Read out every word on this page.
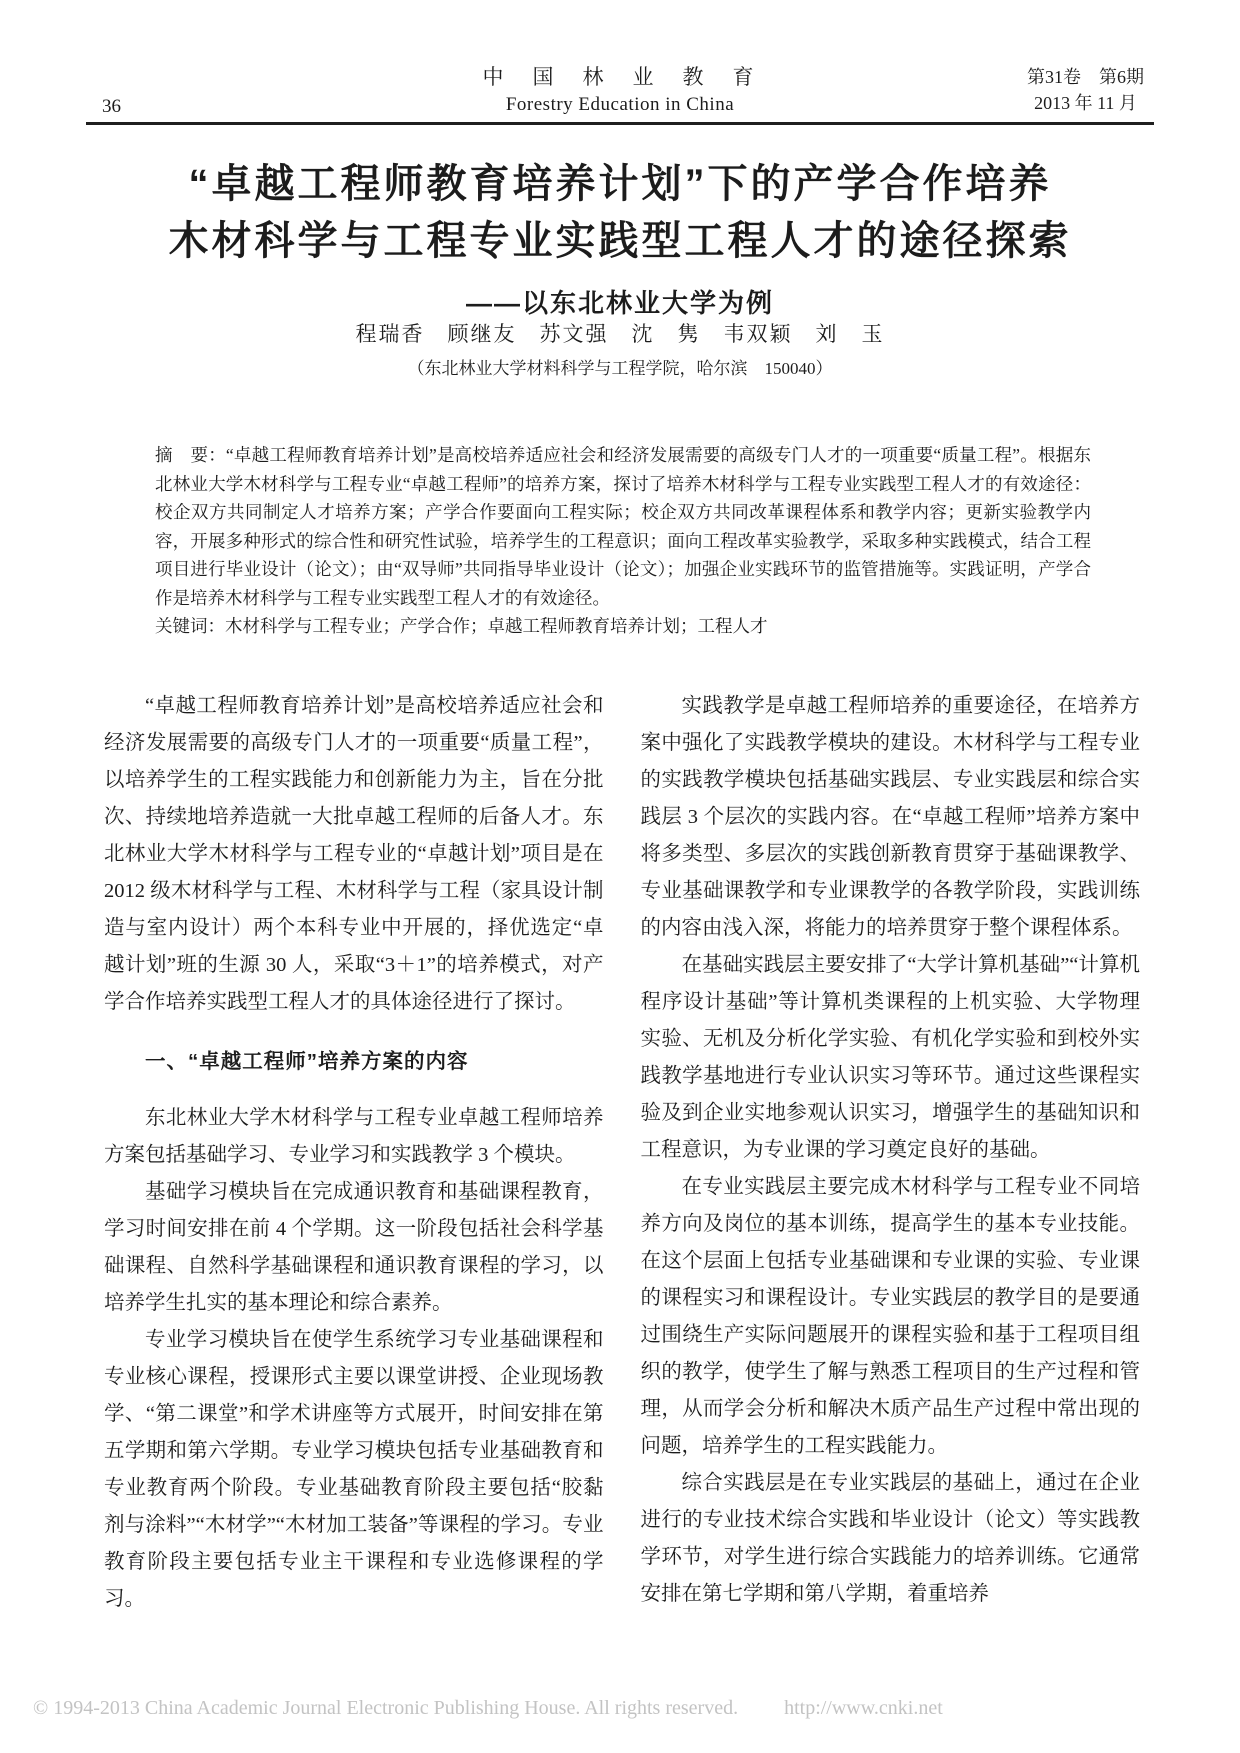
36
中　国　林　业　教　育
Forestry Education in China
第31卷　第6期
2013 年 11 月
“卓越工程师教育培养计划”下的产学合作培养
木材科学与工程专业实践型工程人才的途径探索
——以东北林业大学为例
程瑞香　顾继友　苏文强　沈　隽　韦双颖　刘　玉
（东北林业大学材料科学与工程学院，哈尔滨　150040）

摘　要：“卓越工程师教育培养计划”是高校培养适应社会和经济发展需要的高级专门人才的一项重要“质量工程”。根据东北林业大学木材科学与工程专业“卓越工程师”的培养方案，探讨了培养木材科学与工程专业实践型工程人才的有效途径：校企双方共同制定人才培养方案；产学合作要面向工程实际；校企双方共同改革课程体系和教学内容；更新实验教学内容，开展多种形式的综合性和研究性试验，培养学生的工程意识；面向工程改革实验教学，采取多种实践模式，结合工程项目进行毕业设计（论文）；由“双导师”共同指导毕业设计（论文）；加强企业实践环节的监管措施等。实践证明，产学合作是培养木材科学与工程专业实践型工程人才的有效途径。

关键词：木材科学与工程专业；产学合作；卓越工程师教育培养计划；工程人才

“卓越工程师教育培养计划”是高校培养适应社会和经济发展需要的高级专门人才的一项重要“质量工程”，以培养学生的工程实践能力和创新能力为主，旨在分批次、持续地培养造就一大批卓越工程师的后备人才。东北林业大学木材科学与工程专业的“卓越计划”项目是在 2012 级木材科学与工程、木材科学与工程（家具设计制造与室内设计）两个本科专业中开展的，择优选定“卓越计划”班的生源 30 人，采取“3＋1”的培养模式，对产学合作培养实践型工程人才的具体途径进行了探讨。

一、“卓越工程师”培养方案的内容

东北林业大学木材科学与工程专业卓越工程师培养方案包括基础学习、专业学习和实践教学 3 个模块。

基础学习模块旨在完成通识教育和基础课程教育，学习时间安排在前 4 个学期。这一阶段包括社会科学基础课程、自然科学基础课程和通识教育课程的学习，以培养学生扎实的基本理论和综合素养。

专业学习模块旨在使学生系统学习专业基础课程和专业核心课程，授课形式主要以课堂讲授、企业现场教学、“第二课堂”和学术讲座等方式展开，时间安排在第五学期和第六学期。专业学习模块包括专业基础教育和专业教育两个阶段。专业基础教育阶段主要包括“胶黏剂与涂料”“木材学”“木材加工装备”等课程的学习。专业教育阶段主要包括专业主干课程和专业选修课程的学习。

实践教学是卓越工程师培养的重要途径，在培养方案中强化了实践教学模块的建设。木材科学与工程专业的实践教学模块包括基础实践层、专业实践层和综合实践层 3 个层次的实践内容。在“卓越工程师”培养方案中将多类型、多层次的实践创新教育贯穿于基础课教学、专业基础课教学和专业课教学的各教学阶段，实践训练的内容由浅入深，将能力的培养贯穿于整个课程体系。

在基础实践层主要安排了“大学计算机基础”“计算机程序设计基础”等计算机类课程的上机实验、大学物理实验、无机及分析化学实验、有机化学实验和到校外实践教学基地进行专业认识实习等环节。通过这些课程实验及到企业实地参观认识实习，增强学生的基础知识和工程意识，为专业课的学习奠定良好的基础。

在专业实践层主要完成木材科学与工程专业不同培养方向及岗位的基本训练，提高学生的基本专业技能。在这个层面上包括专业基础课和专业课的实验、专业课的课程实习和课程设计。专业实践层的教学目的是要通过围绕生产实际问题展开的课程实验和基于工程项目组织的教学，使学生了解与熟悉工程项目的生产过程和管理，从而学会分析和解决木质产品生产过程中常出现的问题，培养学生的工程实践能力。

综合实践层是在专业实践层的基础上，通过在企业进行的专业技术综合实践和毕业设计（论文）等实践教学环节，对学生进行综合实践能力的培养训练。它通常安排在第七学期和第八学期，着重培养

© 1994-2013 China Academic Journal Electronic Publishing House. All rights reserved. http://www.cnki.net
